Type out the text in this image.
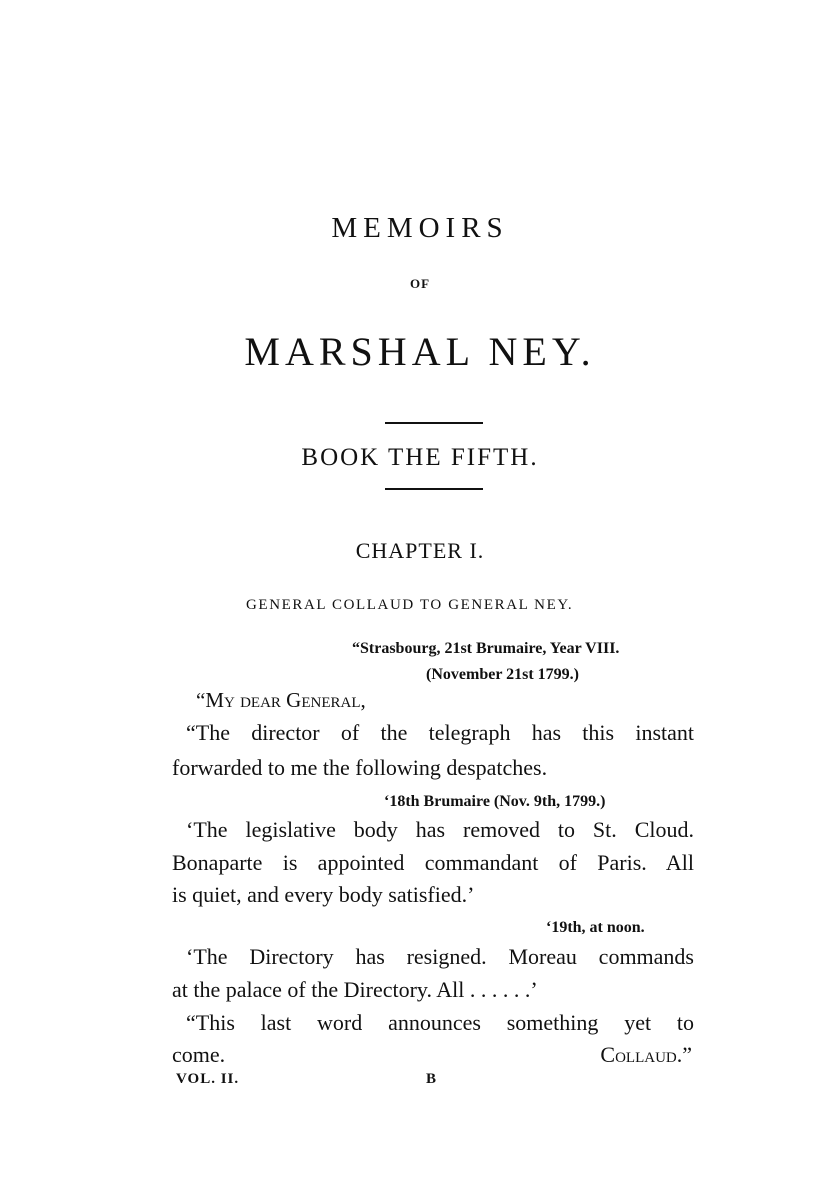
MEMOIRS
OF
MARSHAL NEY.
BOOK THE FIFTH.
CHAPTER I.
GENERAL COLLAUD TO GENERAL NEY.
“Strasbourg, 21st Brumaire, Year VIII.
(November 21st 1799.)
“My dear General,
“The director of the telegraph has this instant
forwarded to me the following despatches.
‘18th Brumaire (Nov. 9th, 1799.)
‘The legislative body has removed to St. Cloud.
Bonaparte is appointed commandant of Paris. All
is quiet, and every body satisfied.’
‘19th, at noon.
‘The Directory has resigned. Moreau commands
at the palace of the Directory. All . . . . . .’
“This last word announces something yet to
come.	Collaud.”
VOL. II.	B
